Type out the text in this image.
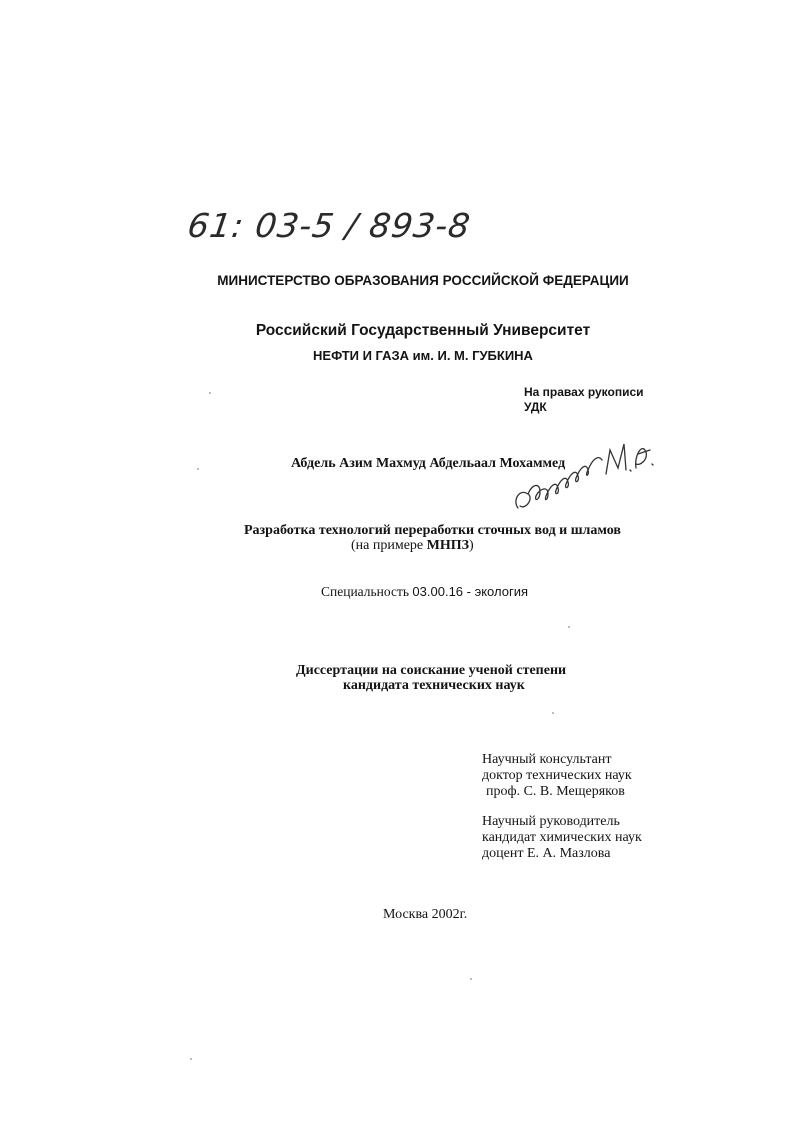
61: 03-5 / 893-8

МИНИСТЕРСТВО ОБРАЗОВАНИЯ РОССИЙСКОЙ ФЕДЕРАЦИИ

Российский Государственный Университет

НЕФТИ И ГАЗА им. И. М. ГУБКИНА

На правах рукописи

УДК

Абдель Азим Махмуд Абдельаал Мохаммед

Абдельазим М. А.

Разработка технологий переработки сточных вод и шламов

(на примере МНПЗ)

Специальность 03.00.16 - экология

Диссертации на соискание ученой степени

кандидата технических наук

Научный консультант

доктор технических наук

проф. С. В. Мещеряков

Научный руководитель

кандидат химических наук

доцент Е. А. Мазлова

Москва 2002г.
